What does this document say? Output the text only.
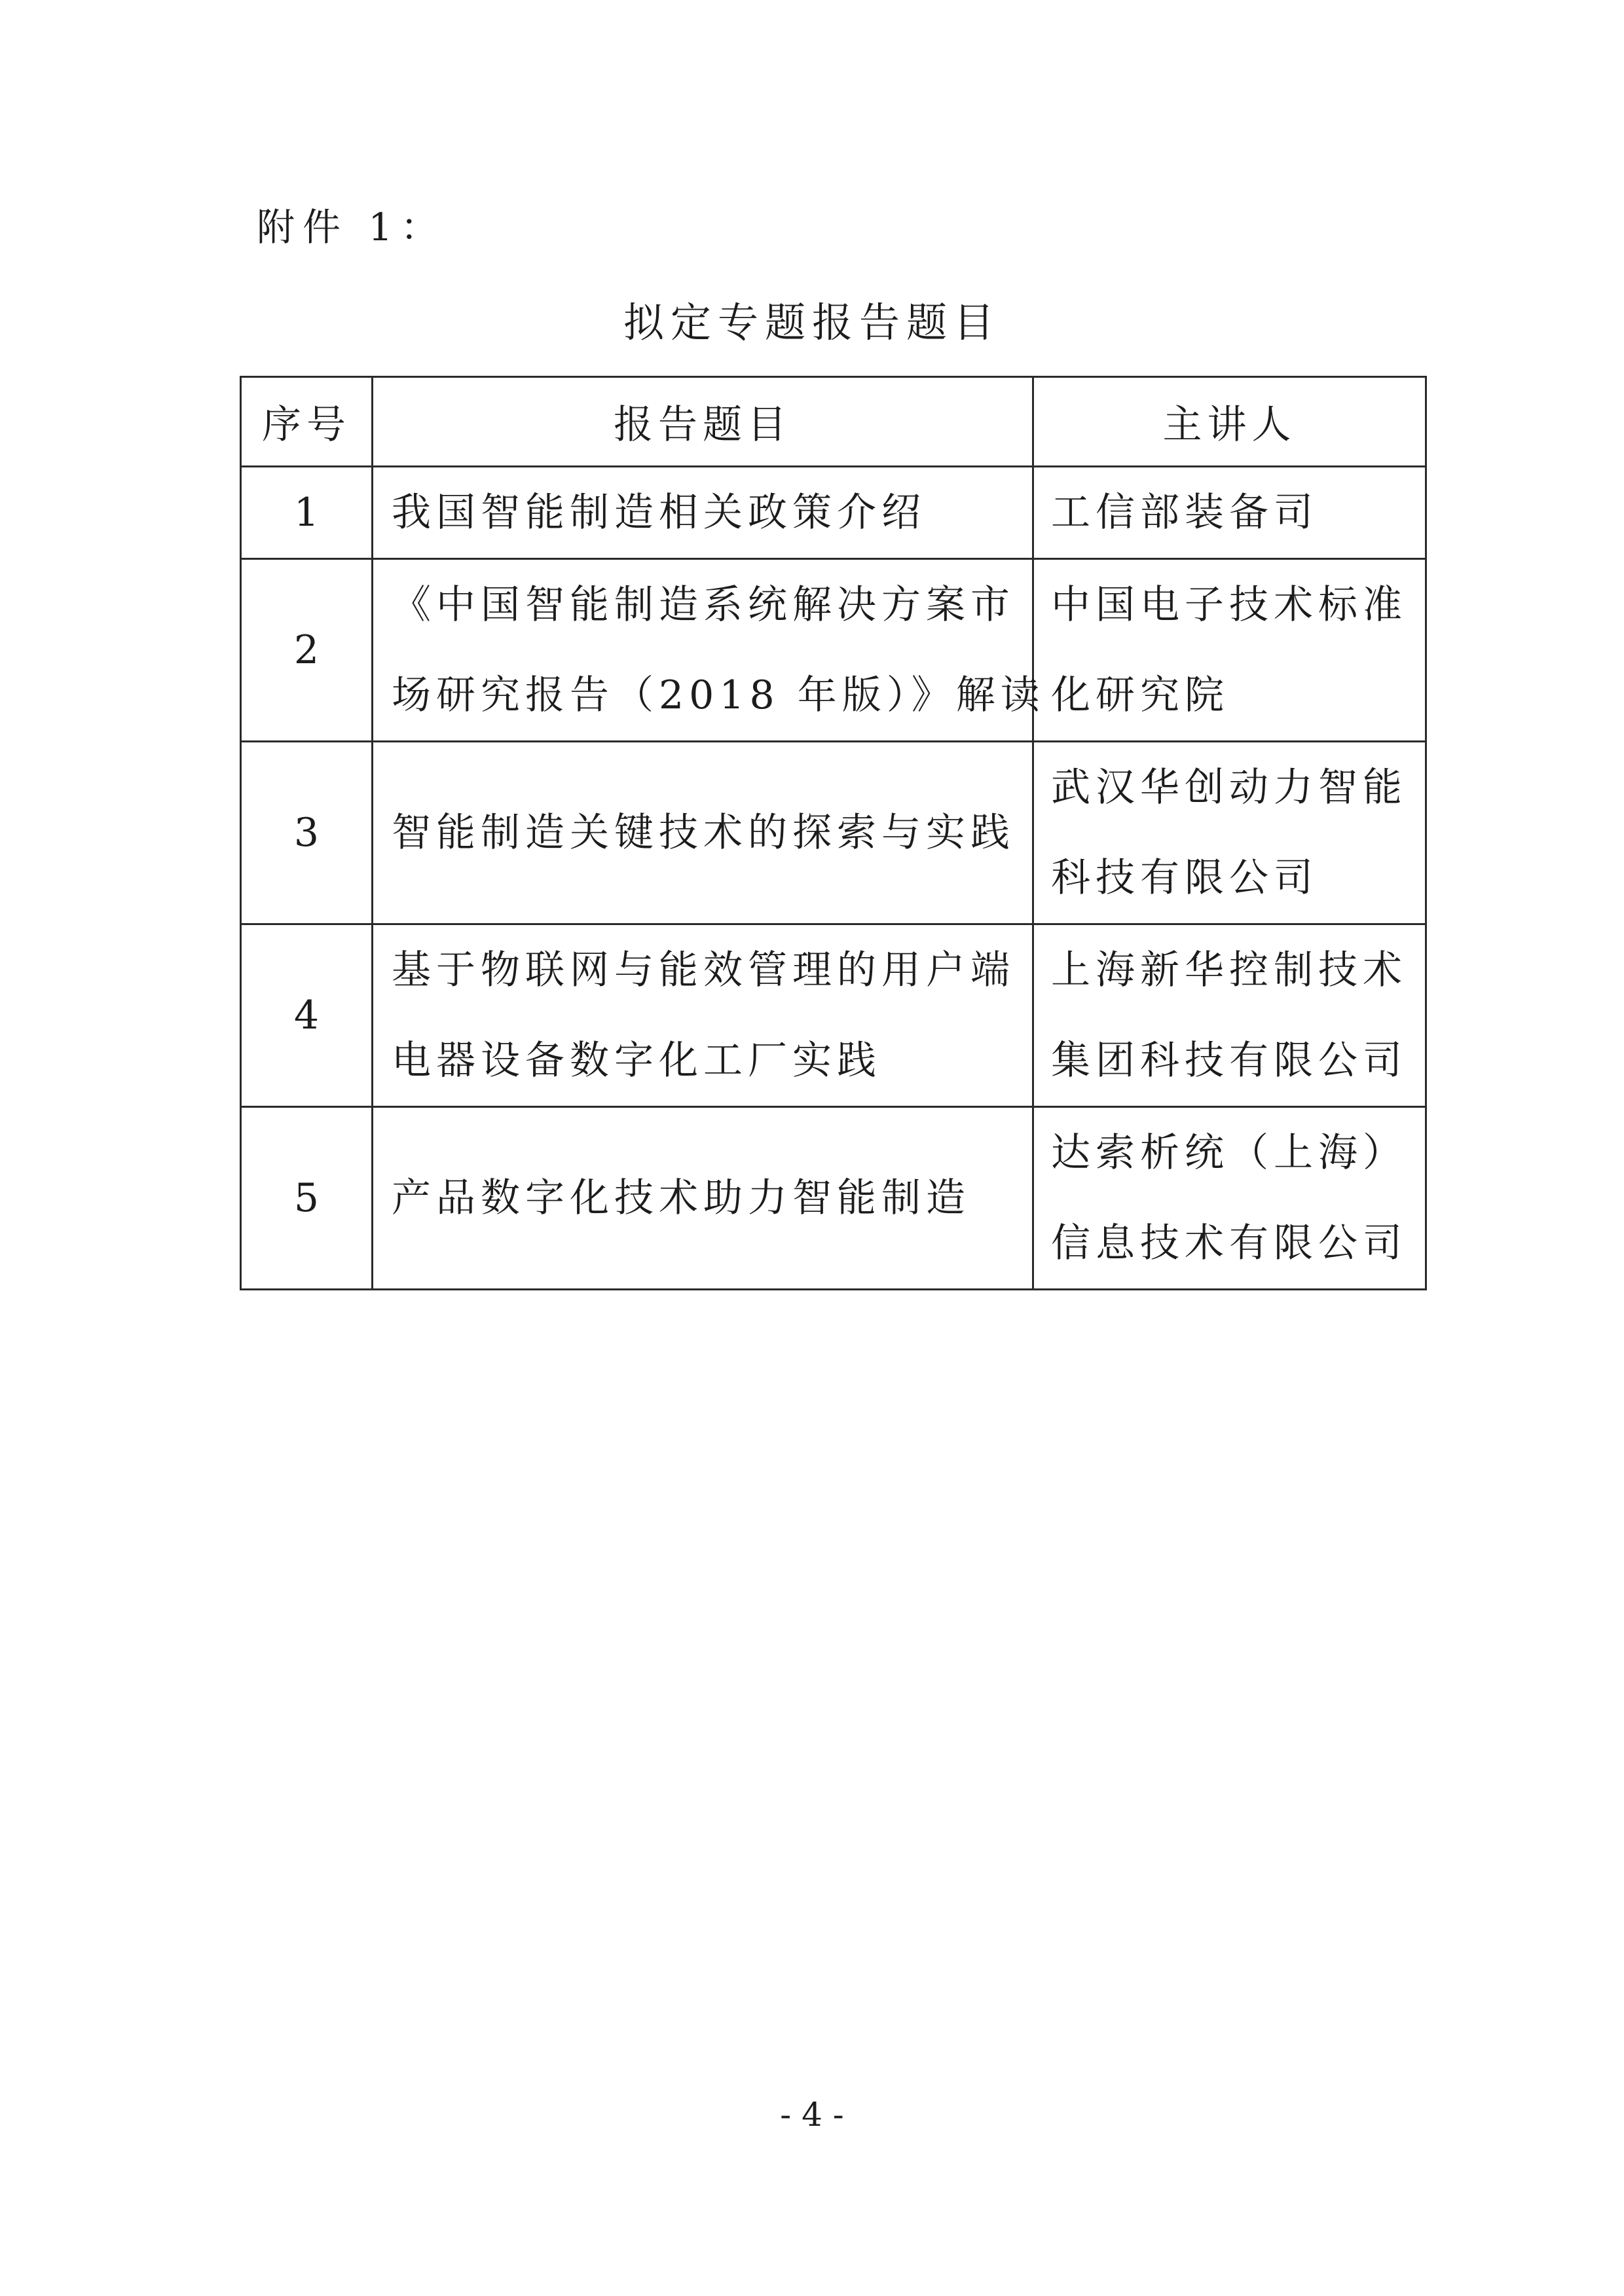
附件 1：
拟定专题报告题目
序号	报告题目	主讲人
1	我国智能制造相关政策介绍	工信部装备司

2	《中国智能制造系统解决方案市
场研究报告（2018 年版）》解读	中国电子技术标准
化研究院

3	智能制造关键技术的探索与实践	武汉华创动力智能
科技有限公司

4	基于物联网与能效管理的用户端
电器设备数字化工厂实践	上海新华控制技术
集团科技有限公司

5	产品数字化技术助力智能制造	达索析统（上海）
信息技术有限公司
- 4 -
